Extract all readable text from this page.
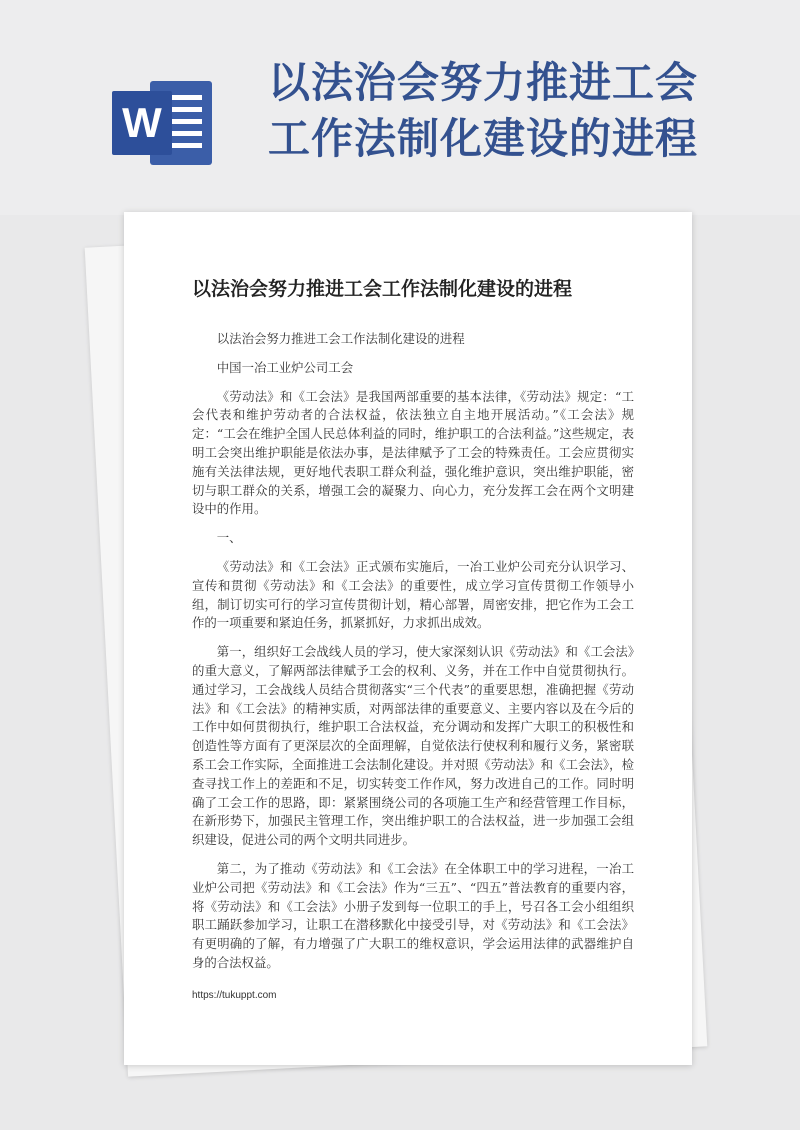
W
以法治会努力推进工会
工作法制化建设的进程
以法治会努力推进工会工作法制化建设的进程

以法治会努力推进工会工作法制化建设的进程

中国一冶工业炉公司工会

《劳动法》和《工会法》是我国两部重要的基本法律，《劳动法》规定：“工会代表和维护劳动者的合法权益，依法独立自主地开展活动。”《工会法》规定：“工会在维护全国人民总体利益的同时，维护职工的合法利益。”这些规定，表明工会突出维护职能是依法办事，是法律赋予了工会的特殊责任。工会应贯彻实施有关法律法规，更好地代表职工群众利益，强化维护意识，突出维护职能，密切与职工群众的关系，增强工会的凝聚力、向心力，充分发挥工会在两个文明建设中的作用。

一、

《劳动法》和《工会法》正式颁布实施后，一冶工业炉公司充分认识学习、宣传和贯彻《劳动法》和《工会法》的重要性，成立学习宣传贯彻工作领导小组，制订切实可行的学习宣传贯彻计划，精心部署，周密安排，把它作为工会工作的一项重要和紧迫任务，抓紧抓好，力求抓出成效。

第一，组织好工会战线人员的学习，使大家深刻认识《劳动法》和《工会法》的重大意义，了解两部法律赋予工会的权利、义务，并在工作中自觉贯彻执行。通过学习，工会战线人员结合贯彻落实“三个代表”的重要思想，准确把握《劳动法》和《工会法》的精神实质，对两部法律的重要意义、主要内容以及在今后的工作中如何贯彻执行，维护职工合法权益，充分调动和发挥广大职工的积极性和创造性等方面有了更深层次的全面理解，自觉依法行使权利和履行义务，紧密联系工会工作实际，全面推进工会法制化建设。并对照《劳动法》和《工会法》，检查寻找工作上的差距和不足，切实转变工作作风，努力改进自己的工作。同时明确了工会工作的思路，即：紧紧围绕公司的各项施工生产和经营管理工作目标，在新形势下，加强民主管理工作，突出维护职工的合法权益，进一步加强工会组织建设，促进公司的两个文明共同进步。

第二，为了推动《劳动法》和《工会法》在全体职工中的学习进程，一冶工业炉公司把《劳动法》和《工会法》作为“三五”、“四五”普法教育的重要内容，将《劳动法》和《工会法》小册子发到每一位职工的手上，号召各工会小组组织职工踊跃参加学习，让职工在潜移默化中接受引导，对《劳动法》和《工会法》有更明确的了解，有力增强了广大职工的维权意识，学会运用法律的武器维护自身的合法权益。

https://tukuppt.com
